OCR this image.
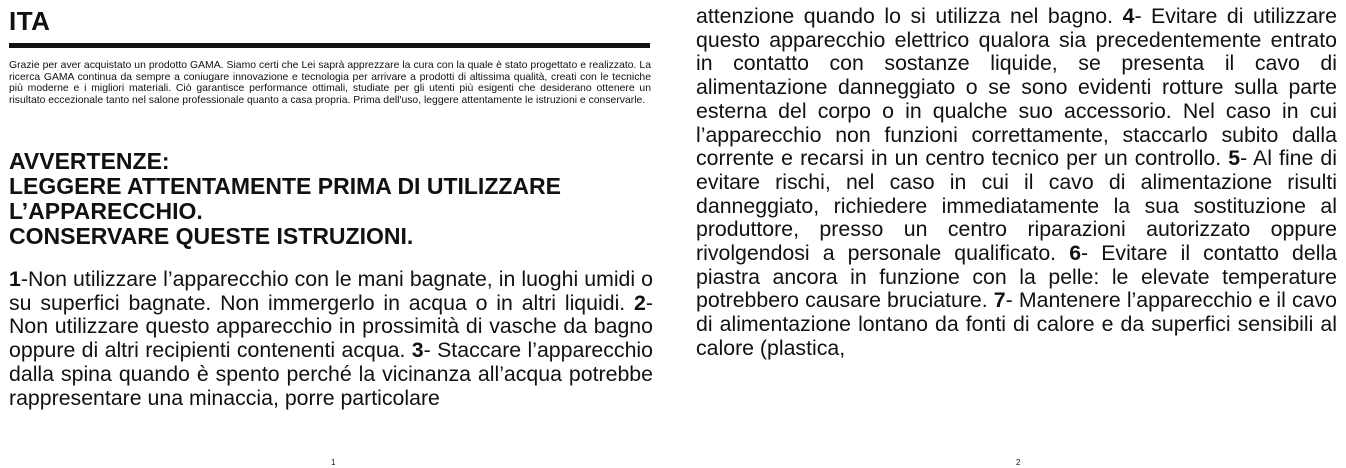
ITA
Grazie per aver acquistato un prodotto GAMA. Siamo certi che Lei saprà apprezzare la cura con la quale è stato progettato e realizzato. La ricerca GAMA continua da sempre a coniugare innovazione e tecnologia per arrivare a prodotti di altissima qualità, creati con le tecniche più moderne e i migliori materiali. Ciò garantisce performance ottimali, studiate per gli utenti più esigenti che desiderano ottenere un risultato eccezionale tanto nel salone professionale quanto a casa propria. Prima dell'uso, leggere attentamente le istruzioni e conservarle.
AVVERTENZE:
LEGGERE ATTENTAMENTE PRIMA DI UTILIZZARE
L’APPARECCHIO.
CONSERVARE QUESTE ISTRUZIONI.
1-Non utilizzare l’apparecchio con le mani bagnate, in luoghi umidi o su superfici bagnate. Non immergerlo in acqua o in altri liquidi. 2- Non utilizzare questo apparecchio in prossimità di vasche da bagno oppure di altri recipienti contenenti acqua. 3- Staccare l’apparecchio dalla spina quando è spento perché la vicinanza all’acqua potrebbe rappresentare una minaccia, porre particolare
attenzione quando lo si utilizza nel bagno. 4- Evitare di utilizzare questo apparecchio elettrico qualora sia precedentemente entrato in contatto con sostanze liquide, se presenta il cavo di alimentazione danneggiato o se sono evidenti rotture sulla parte esterna del corpo o in qualche suo accessorio. Nel caso in cui l’apparecchio non funzioni correttamente, staccarlo subito dalla corrente e recarsi in un centro tecnico per un controllo. 5- Al fine di evitare rischi, nel caso in cui il cavo di alimentazione risulti danneggiato, richiedere immediatamente la sua sostituzione al produttore, presso un centro riparazioni autorizzato oppure rivolgendosi a personale qualificato. 6- Evitare il contatto della piastra ancora in funzione con la pelle: le elevate temperature potrebbero causare bruciature. 7- Mantenere l’apparecchio e il cavo di alimentazione lontano da fonti di calore e da superfici sensibili al calore (plastica,
1	2
